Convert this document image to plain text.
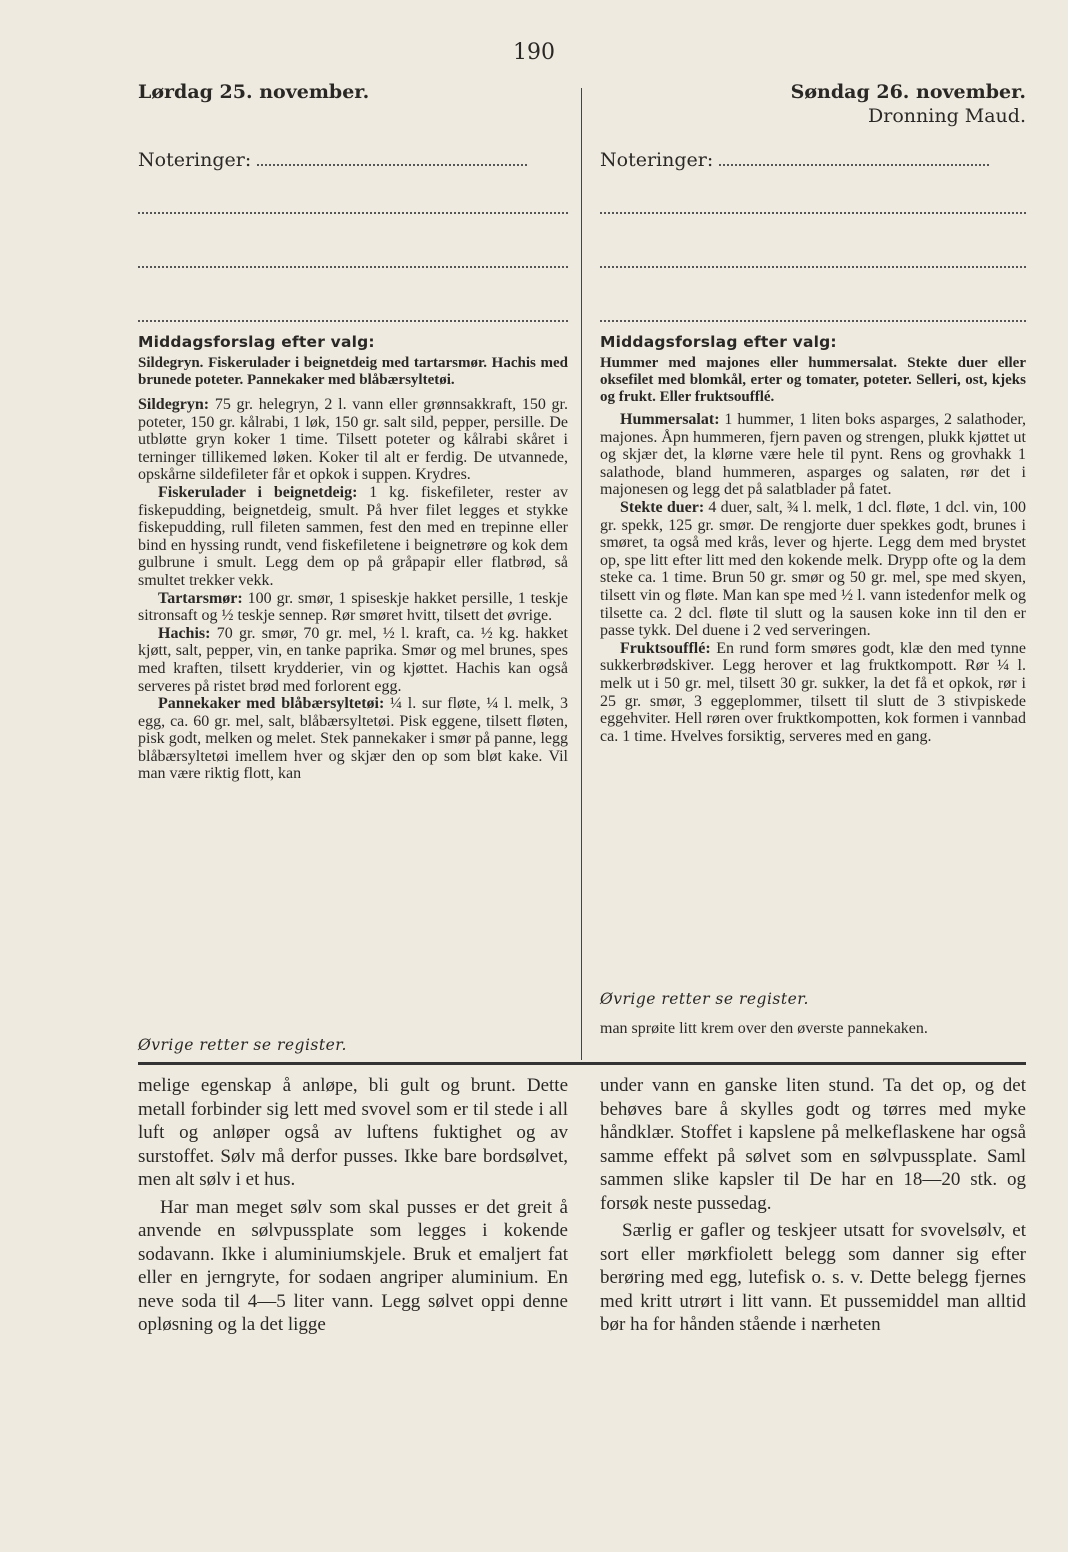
190

Lørdag 25. november.

Noteringer:

Middagsforslag efter valg:

Sildegryn. Fiskerulader i beignetdeig med tartarsmør. Hachis med brunede poteter. Pannekaker med blåbærsyltetøi.

Sildegryn: 75 gr. helegryn, 2 l. vann eller grønnsakkraft, 150 gr. poteter, 150 gr. kålrabi, 1 løk, 150 gr. salt sild, pepper, persille. De utbløtte gryn koker 1 time. Tilsett poteter og kålrabi skåret i terninger tillikemed løken. Koker til alt er ferdig. De utvannede, opskårne sildefileter får et opkok i suppen. Krydres.

Fiskerulader i beignetdeig: 1 kg. fiskefileter, rester av fiskepudding, beignetdeig, smult. På hver filet legges et stykke fiskepudding, rull fileten sammen, fest den med en trepinne eller bind en hyssing rundt, vend fiskefiletene i beignetrøre og kok dem gulbrune i smult. Legg dem op på gråpapir eller flatbrød, så smultet trekker vekk.

Tartarsmør: 100 gr. smør, 1 spiseskje hakket persille, 1 teskje sitronsaft og ½ teskje sennep. Rør smøret hvitt, tilsett det øvrige.

Hachis: 70 gr. smør, 70 gr. mel, ½ l. kraft, ca. ½ kg. hakket kjøtt, salt, pepper, vin, en tanke paprika. Smør og mel brunes, spes med kraften, tilsett krydderier, vin og kjøttet. Hachis kan også serveres på ristet brød med forlorent egg.

Pannekaker med blåbærsyltetøi: ¼ l. sur fløte, ¼ l. melk, 3 egg, ca. 60 gr. mel, salt, blåbærsyltetøi. Pisk eggene, tilsett fløten, pisk godt, melken og melet. Stek pannekaker i smør på panne, legg blåbærsyltetøi imellem hver og skjær den op som bløt kake. Vil man være riktig flott, kan

Øvrige retter se register.

Søndag 26. november.

Dronning Maud.

Noteringer:

Middagsforslag efter valg:

Hummer med majones eller hummersalat. Stekte duer eller oksefilet med blomkål, erter og tomater, poteter. Selleri, ost, kjeks og frukt. Eller fruktsoufflé.

Hummersalat: 1 hummer, 1 liten boks asparges, 2 salathoder, majones. Åpn hummeren, fjern paven og strengen, plukk kjøttet ut og skjær det, la klørne være hele til pynt. Rens og grovhakk 1 salathode, bland hummeren, asparges og salaten, rør det i majonesen og legg det på salatblader på fatet.

Stekte duer: 4 duer, salt, ¾ l. melk, 1 dcl. fløte, 1 dcl. vin, 100 gr. spekk, 125 gr. smør. De rengjorte duer spekkes godt, brunes i smøret, ta også med krås, lever og hjerte. Legg dem med brystet op, spe litt efter litt med den kokende melk. Drypp ofte og la dem steke ca. 1 time. Brun 50 gr. smør og 50 gr. mel, spe med skyen, tilsett vin og fløte. Man kan spe med ½ l. vann istedenfor melk og tilsette ca. 2 dcl. fløte til slutt og la sausen koke inn til den er passe tykk. Del duene i 2 ved serveringen.

Fruktsoufflé: En rund form smøres godt, klæ den med tynne sukkerbrødskiver. Legg herover et lag fruktkompott. Rør ¼ l. melk ut i 50 gr. mel, tilsett 30 gr. sukker, la det få et opkok, rør i 25 gr. smør, 3 eggeplommer, tilsett til slutt de 3 stivpiskede eggehviter. Hell røren over fruktkompotten, kok formen i vannbad ca. 1 time. Hvelves forsiktig, serveres med en gang.

Øvrige retter se register.

man sprøite litt krem over den øverste pannekaken.

melige egenskap å anløpe, bli gult og brunt. Dette metall forbinder sig lett med svovel som er til stede i all luft og anløper også av luftens fuktighet og av surstoffet. Sølv må derfor pusses. Ikke bare bordsølvet, men alt sølv i et hus.

Har man meget sølv som skal pusses er det greit å anvende en sølvpussplate som legges i kokende sodavann. Ikke i aluminiumskjele. Bruk et emaljert fat eller en jerngryte, for sodaen angriper aluminium. En neve soda til 4—5 liter vann. Legg sølvet oppi denne opløsning og la det ligge

under vann en ganske liten stund. Ta det op, og det behøves bare å skylles godt og tørres med myke håndklær. Stoffet i kapslene på melkeflaskene har også samme effekt på sølvet som en sølvpussplate. Saml sammen slike kapsler til De har en 18—20 stk. og forsøk neste pussedag.

Særlig er gafler og teskjeer utsatt for svovelsølv, et sort eller mørkfiolett belegg som danner sig efter berøring med egg, lutefisk o. s. v. Dette belegg fjernes med kritt utrørt i litt vann. Et pussemiddel man alltid bør ha for hånden stående i nærheten
